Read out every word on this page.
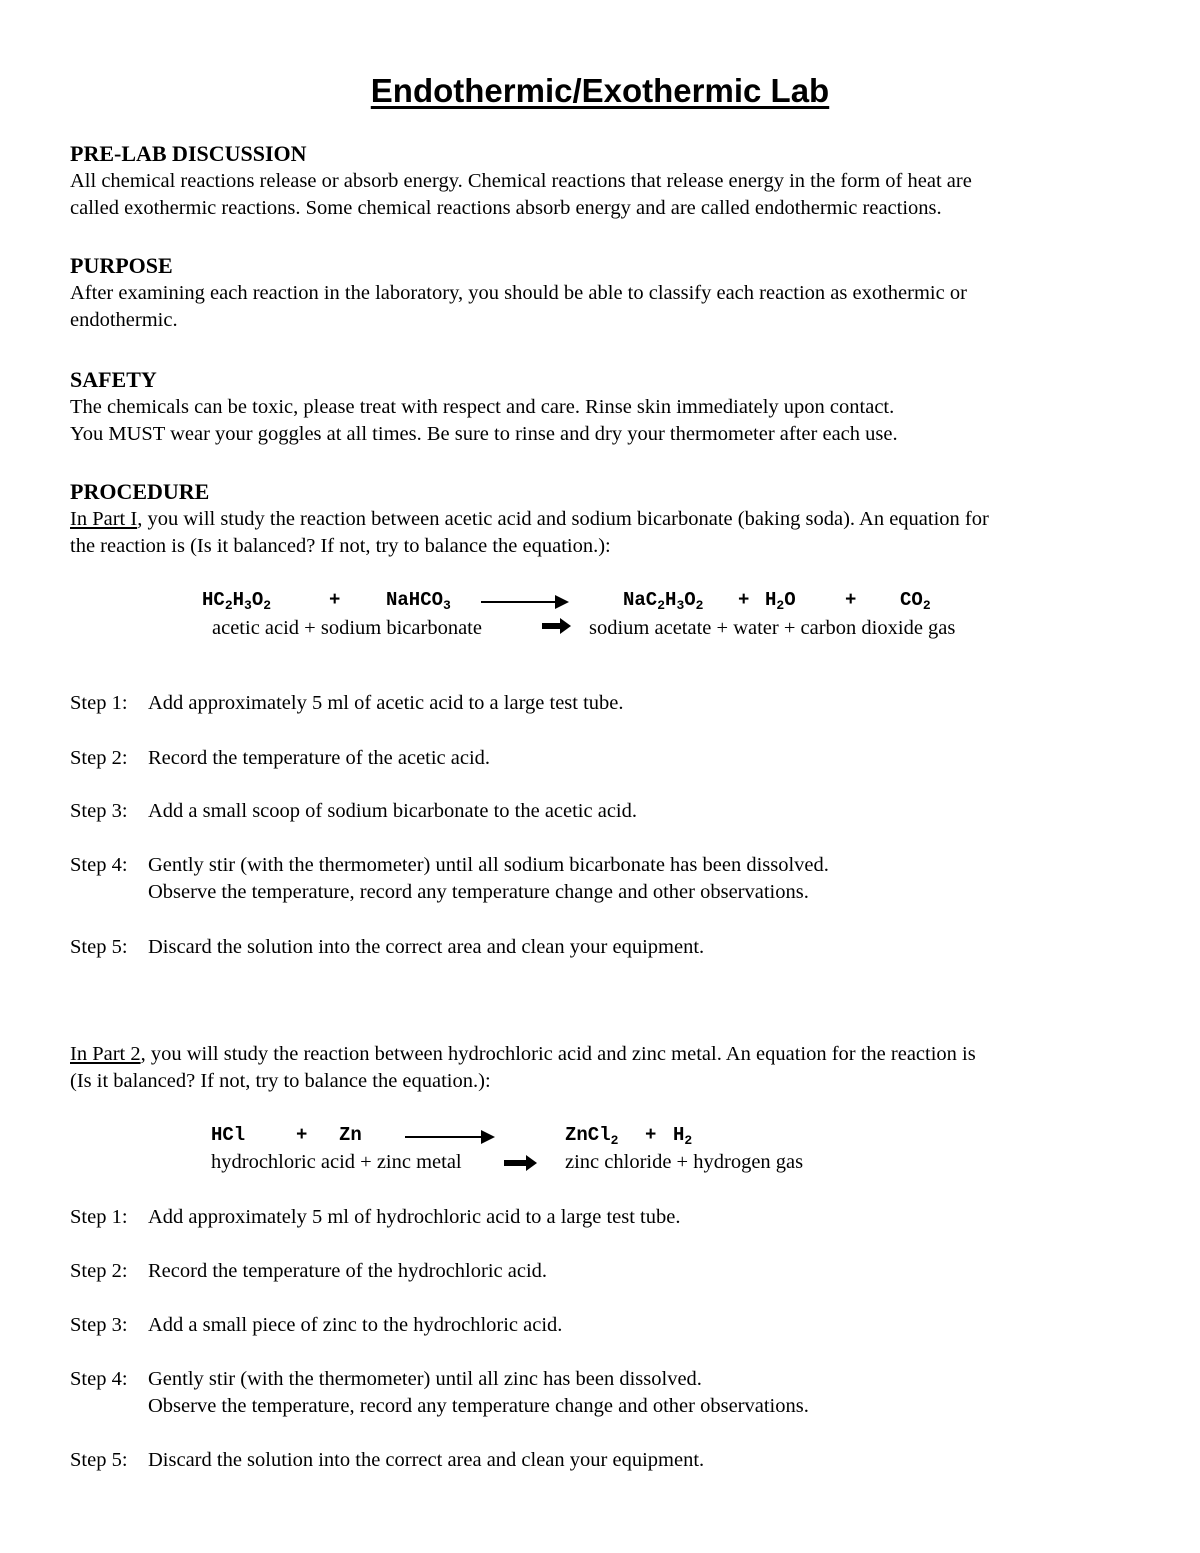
Endothermic/Exothermic Lab
PRE-LAB DISCUSSION
All chemical reactions release or absorb energy. Chemical reactions that release energy in the form of heat are
called exothermic reactions. Some chemical reactions absorb energy and are called endothermic reactions.
PURPOSE
After examining each reaction in the laboratory, you should be able to classify each reaction as exothermic or
endothermic.
SAFETY
The chemicals can be toxic, please treat with respect and care. Rinse skin immediately upon contact.
You MUST wear your goggles at all times. Be sure to rinse and dry your thermometer after each use.
PROCEDURE
In Part I, you will study the reaction between acetic acid and sodium bicarbonate (baking soda). An equation for
the reaction is (Is it balanced? If not, try to balance the equation.):
$HC_2H_3O_2$	+ NaHCO$_3$	$NaC_2H_3O_2 + H_2O$	+ $CO_2$
acetic acid + sodium bicarbonate	sodium acetate + water + carbon dioxide gas
Step 1: Add approximately 5 ml of acetic acid to a large test tube.
Step 2: Record the temperature of the acetic acid.
Step 3: Add a small scoop of sodium bicarbonate to the acetic acid.
Step 4: Gently stir (with the thermometer) until all sodium bicarbonate has been dissolved.
Observe the temperature, record any temperature change and other observations.
Step 5: Discard the solution into the correct area and clean your equipment.
In Part 2, you will study the reaction between hydrochloric acid and zinc metal. An equation for the reaction is
(Is it balanced? If not, try to balance the equation.):
HCl	+ Zn	ZnCl$_2$ + $H_2$
hydrochloric acid + zinc metal	zinc chloride + hydrogen gas
Step 1: Add approximately 5 ml of hydrochloric acid to a large test tube.
Step 2: Record the temperature of the hydrochloric acid.
Step 3: Add a small piece of zinc to the hydrochloric acid.
Step 4: Gently stir (with the thermometer) until all zinc has been dissolved.
Observe the temperature, record any temperature change and other observations.
Step 5: Discard the solution into the correct area and clean your equipment.
